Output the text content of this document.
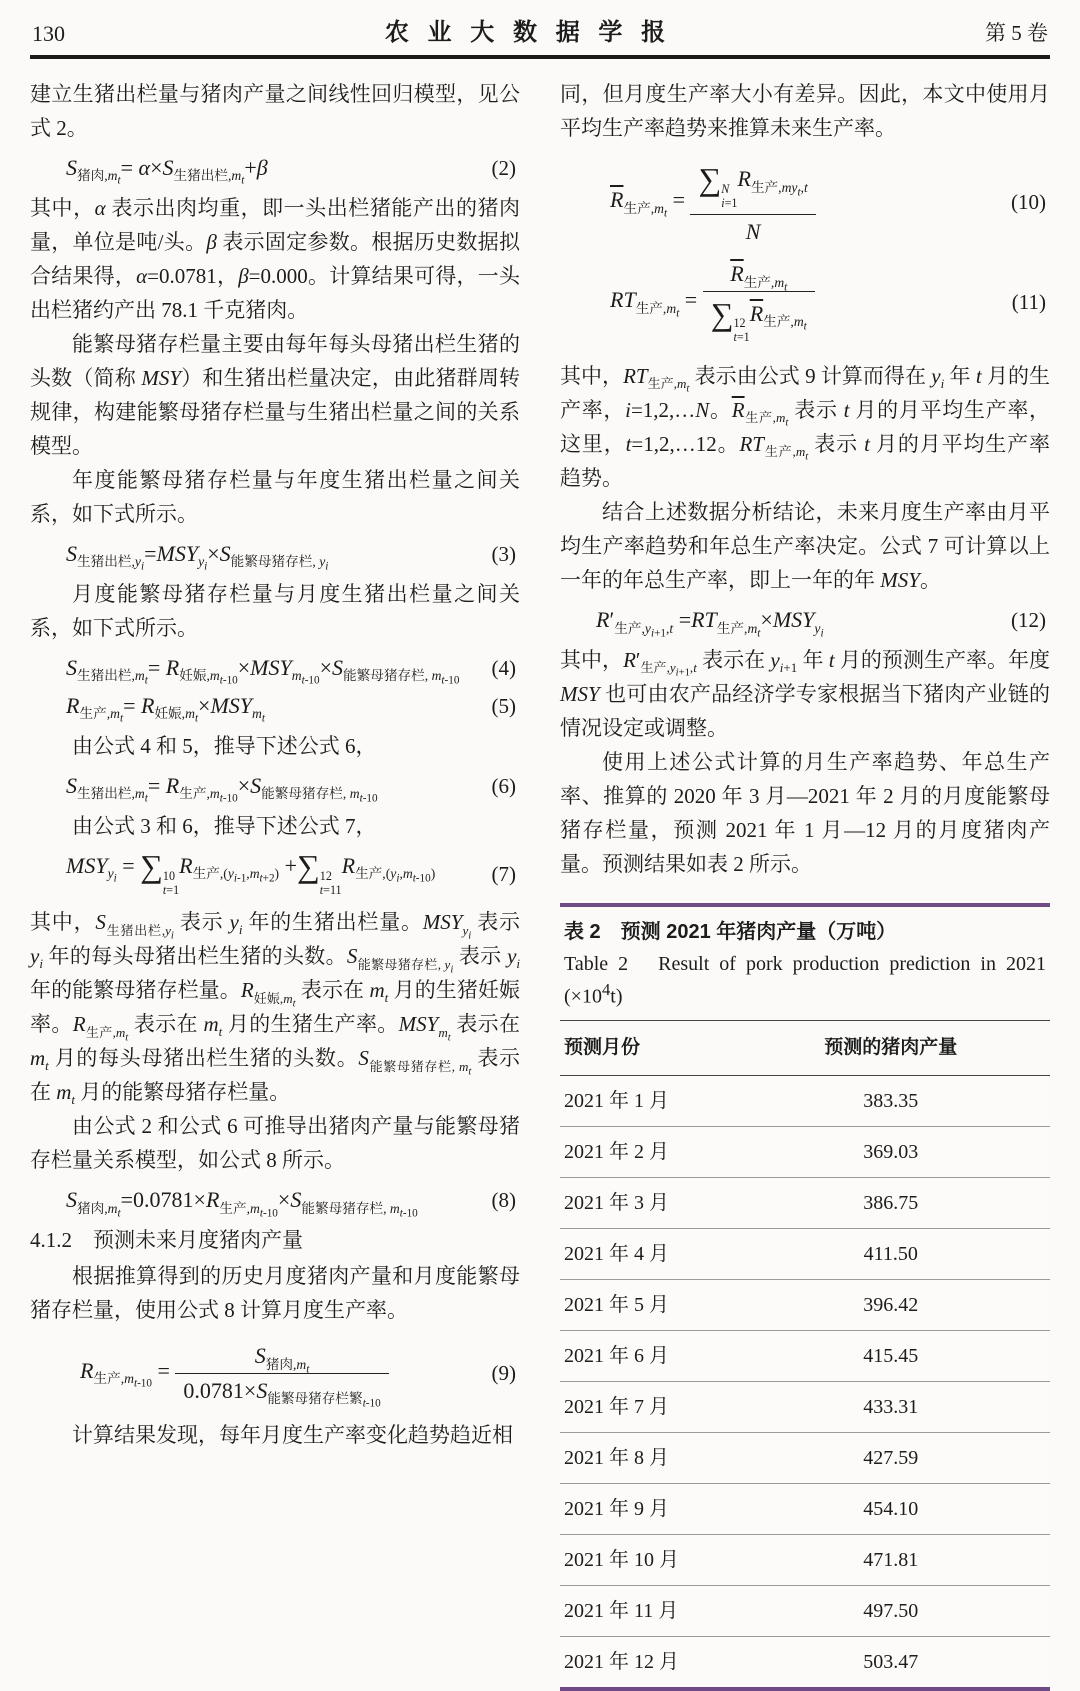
130	农业大数据学报	第 5 卷

建立生猪出栏量与猪肉产量之间线性回归模型，见公式 2。

$S_{猪肉,m_t}= \alpha\times S_{生猪出栏,m_t}+\beta$	(2)

其中，α 表示出肉均重，即一头出栏猪能产出的猪肉量，单位是吨/头。β 表示固定参数。根据历史数据拟合结果得，α=0.0781，β=0.000。计算结果可得，一头出栏猪约产出 78.1 千克猪肉。

能繁母猪存栏量主要由每年每头母猪出栏生猪的头数（简称 MSY）和生猪出栏量决定，由此猪群周转规律，构建能繁母猪存栏量与生猪出栏量之间的关系模型。

年度能繁母猪存栏量与年度生猪出栏量之间关系，如下式所示。

$S_{生猪出栏,y_i}=MSY_{y_i}\times S_{能繁母猪存栏, y_i}$
(3)

月度能繁母猪存栏量与月度生猪出栏量之间关系，如下式所示。

$S_{生猪出栏,m_t}= R_{妊娠,m_{t-10}}\times MSY_{m_{t-10}}\times S_{能繁母猪存栏, m_{t-10}}$
(4)
$R_{生产,m_t}= R_{妊娠,m_t}\times MSY_{m_t}$
(5)

由公式 4 和 5，推导下述公式 6，

$S_{生猪出栏,m_t}= R_{生产,m_{t-10}}\times S_{能繁母猪存栏, m_{t-10}}$
(6)

由公式 3 和 6，推导下述公式 7，

$MSY_{y_i}$ = ∑ 10
t=1
$R_{生产,(y_{i-1},m_{t+2})}$ +∑ 12
t=11
$R_{生产,(y_i,m_{t-10})}$	(7)

其中，$S_{生猪出栏,y_i}$ 表示 $y_i$ 年的生猪出栏量。$MSY_{y_i}$ 表示 $y_i$ 年的每头母猪出栏生猪的头数。$S_{能繁母猪存栏, y_i}$ 表示 $y_i$ 年的能繁母猪存栏量。$R_{妊娠,m_t}$ 表示在 $m_t$ 月的生猪妊娠率。$R_{生产,m_t}$ 表示在 $m_t$ 月的生猪生产率。$MSY_{m_t}$ 表示在 $m_t$ 月的每头母猪出栏生猪的头数。$S_{能繁母猪存栏, m_t}$ 表示在 $m_t$ 月的能繁母猪存栏量。

由公式 2 和公式 6 可推导出猪肉产量与能繁母猪存栏量关系模型，如公式 8 所示。

$S_{猪肉,m_t}=0.0781\times R_{生产,m_{t-10}}\times S_{能繁母猪存栏, m_{t-10}}$
(8)

4.1.2　预测未来月度猪肉产量

根据推算得到的历史月度猪肉产量和月度能繁母猪存栏量，使用公式 8 计算月度生产率。

$R_{生产,m_{t-10}} = \frac{S_{猪肉,m_t}}{0.0781\times S_{能繁母猪存栏繁_{t-10}}}$	(9)

计算结果发现，每年月度生产率变化趋势趋近相

同，但月度生产率大小有差异。因此，本文中使用月平均生产率趋势来推算未来生产率。

$\overline{R}_{生产,m_t}$ = ∑ N
i=1
$R_{生产,my_t,t}$
N	(10)
$RT_{生产,m_t} = \overline{R}_{生产,m_t}$
∑ 12
t=1
$\overline{R}_{生产,m_t}$	(11)

其中，$RT_{生产,m_t}$ 表示由公式 9 计算而得在 $y_i$ 年 t 月的生产率，i=1,2,…N。$\overline{R}_{生产,m_t}$ 表示 t 月的月平均生产率，这里，t=1,2,…12。$RT_{生产,m_t}$ 表示 t 月的月平均生产率趋势。

结合上述数据分析结论，未来月度生产率由月平均生产率趋势和年总生产率决定。公式 7 可计算以上一年的年总生产率，即上一年的年 MSY。

$R'_{生产,y_{i+1},t} =RT_{生产,m_t}\times MSY_{y_i}$
(12)

其中，$R'_{生产,y_{i+1},t}$ 表示在 $y_{i+1}$ 年 t 月的预测生产率。年度 MSY 也可由农产品经济学专家根据当下猪肉产业链的情况设定或调整。

使用上述公式计算的月生产率趋势、年总生产率、推算的 2020 年 3 月—2021 年 2 月的月度能繁母猪存栏量，预测 2021 年 1 月—12 月的月度猪肉产量。预测结果如表 2 所示。

表 2　预测 2021 年猪肉产量（万吨）
Table 2　Result of pork production prediction in 2021 $(\times 10^4t)$
预测月份	预测的猪肉产量
2021 年 1 月	383.35
2021 年 2 月	369.03
2021 年 3 月	386.75
2021 年 4 月	411.50
2021 年 5 月	396.42
2021 年 6 月	415.45
2021 年 7 月	433.31
2021 年 8 月	427.59
2021 年 9 月	454.10
2021 年 10 月	471.81
2021 年 11 月	497.50
2021 年 12 月	503.47
